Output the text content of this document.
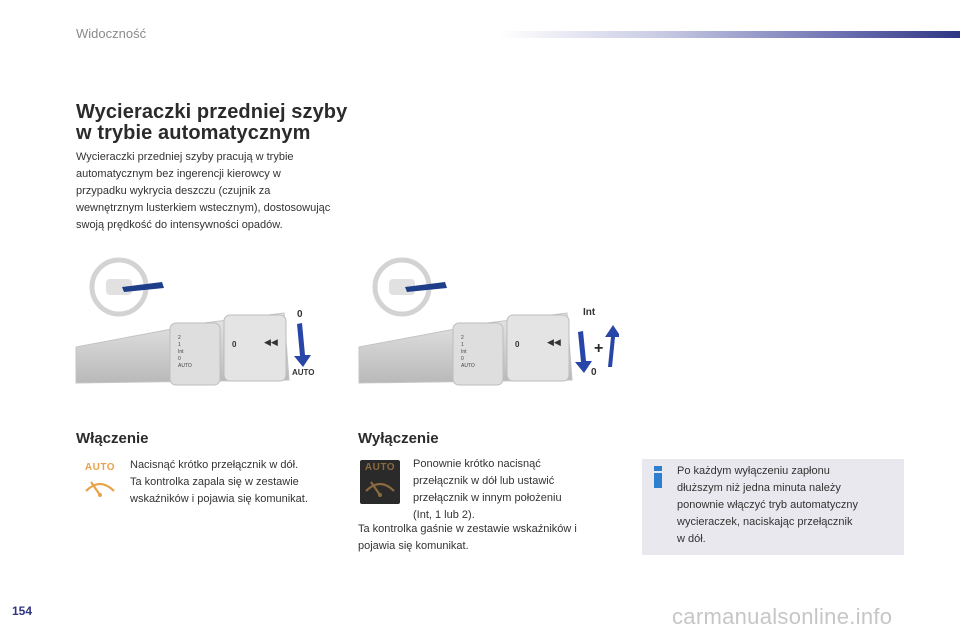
Widoczność
Wycieraczki przedniej szyby
w trybie automatycznym
Wycieraczki przedniej szyby pracują w trybie
automatycznym bez ingerencji kierowcy w
przypadku wykrycia deszczu (czujnik za
wewnętrznym lusterkiem wstecznym), dostosowując
swoją prędkość do intensywności opadów.
2
1
Int
0
AUTO
0	◀◀
0
AUTO
2
1
Int
0
AUTO
0	◀◀
Int
+
0
Włączenie
AUTO	Nacisnąć krótko przełącznik w dół.
Ta kontrolka zapala się w zestawie
wskaźników i pojawia się komunikat.
Wyłączenie
AUTO	Ponownie krótko nacisnąć
przełącznik w dół lub ustawić
przełącznik w innym położeniu
(Int, 1 lub 2).
Ta kontrolka gaśnie w zestawie wskaźników i
pojawia się komunikat.
Po każdym wyłączeniu zapłonu
dłuższym niż jedna minuta należy
ponownie włączyć tryb automatyczny
wycieraczek, naciskając przełącznik
w dół.
154	carmanualsonline.info
